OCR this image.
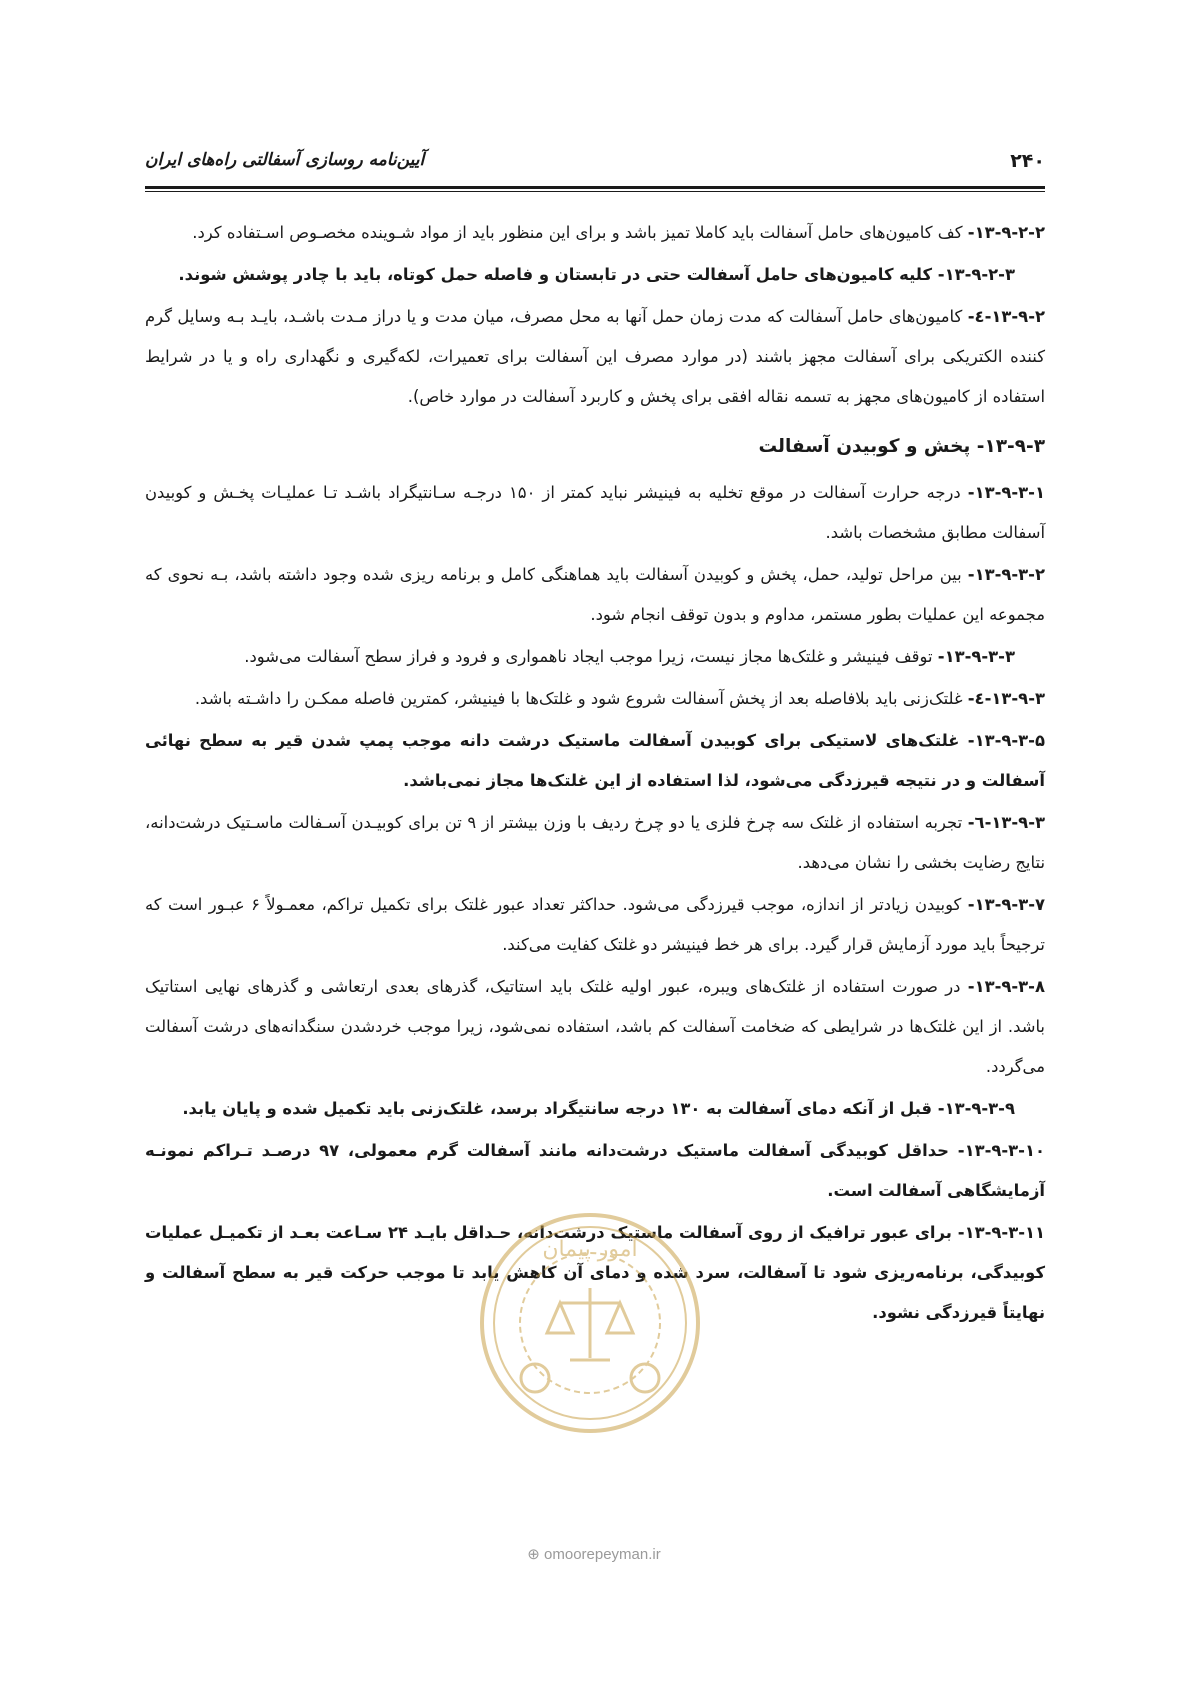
۲۴۰
آیین‌نامه روسازی آسفالتی راه‌های ایران

۱۳-۹-۲-۲- کف کامیون‌های حامل آسفالت باید کاملا تمیز باشد و برای این منظور باید از مواد شـوینده مخصـوص اسـتفاده کرد.

۱۳-۹-۲-۳- کلیه کامیون‌های حامل آسفالت حتی در تابستان و فاصله حمل کوتاه، باید با چادر پوشش شوند.

۱۳-۹-۲-٤- کامیون‌های حامل آسفالت که مدت زمان حمل آنها به محل مصرف، میان مدت و یا دراز مـدت باشـد، بایـد بـه وسایل گرم کننده الکتریکی برای آسفالت مجهز باشند (در موارد مصرف این آسفالت برای تعمیرات، لکه‌گیری و نگهداری راه و یا در شرایط استفاده از کامیون‌های مجهز به تسمه نقاله افقی برای پخش و کاربرد آسفالت در موارد خاص).

۱۳-۹-۳- پخش و کوبیدن آسفالت

۱۳-۹-۳-۱- درجه حرارت آسفالت در موقع تخلیه به فینیشر نباید کمتر از ۱۵۰ درجـه سـانتیگراد باشـد تـا عملیـات پخـش و کوبیدن آسفالت مطابق مشخصات باشد.

۱۳-۹-۳-۲- بین مراحل تولید، حمل، پخش و کوبیدن آسفالت باید هماهنگی کامل و برنامه ریزی شده وجود داشته باشد، بـه نحوی که مجموعه این عملیات بطور مستمر، مداوم و بدون توقف انجام شود.

۱۳-۹-۳-۳- توقف فینیشر و غلتک‌ها مجاز نیست، زیرا موجب ایجاد ناهمواری و فرود و فراز سطح آسفالت می‌شود.

۱۳-۹-۳-٤- غلتک‌زنی باید بلافاصله بعد از پخش آسفالت شروع شود و غلتک‌ها با فینیشر، کمترین فاصله ممکـن را داشـته باشد.

۱۳-۹-۳-۵- غلتک‌های لاستیکی برای کوبیدن آسفالت ماستیک درشت دانه موجب پمپ شدن قیر به سطح نهائی آسفالت و در نتیجه قیرزدگی می‌شود، لذا استفاده از این غلتک‌ها مجاز نمی‌باشد.

۱۳-۹-۳-٦- تجربه استفاده از غلتک سه چرخ فلزی یا دو چرخ ردیف با وزن بیشتر از ۹ تن برای کوبیـدن آسـفالت ماسـتیک درشت‌دانه، نتایج رضایت بخشی را نشان می‌دهد.

۱۳-۹-۳-۷- کوبیدن زیادتر از اندازه، موجب قیرزدگی می‌شود. حداکثر تعداد عبور غلتک برای تکمیل تراکم، معمـولاً ۶ عبـور است که ترجیحاً باید مورد آزمایش قرار گیرد. برای هر خط فینیشر دو غلتک کفایت می‌کند.

۱۳-۹-۳-۸- در صورت استفاده از غلتک‌های ویبره، عبور اولیه غلتک باید استاتیک، گذرهای بعدی ارتعاشی و گذرهای نهایی استاتیک باشد. از این غلتک‌ها در شرایطی که ضخامت آسفالت کم باشد، استفاده نمی‌شود، زیرا موجب خردشدن سنگدانه‌های درشت آسفالت می‌گردد.

۱۳-۹-۳-۹- قبل از آنکه دمای آسفالت به ۱۳۰ درجه سانتیگراد برسد، غلتک‌زنی باید تکمیل شده و پایان یابد.

۱۳-۹-۳-۱۰- حداقل کوبیدگی آسفالت ماستیک درشت‌دانه مانند آسفالت گرم معمولی، ۹۷ درصـد تـراکم نمونـه آزمایشگاهی آسفالت است.

۱۳-۹-۳-۱۱- برای عبور ترافیک از روی آسفالت ماستیک درشت‌دانه، حـداقل بایـد ۲۴ سـاعت بعـد از تکمیـل عملیات کوبیدگی، برنامه‌ریزی شود تا آسفالت، سرد شده و دمای آن کاهش یابد تا موجب حرکت قیر به سطح آسفالت و نهایتاً قیرزدگی نشود.

امور پیمان
⊕ omoorepeyman.ir
